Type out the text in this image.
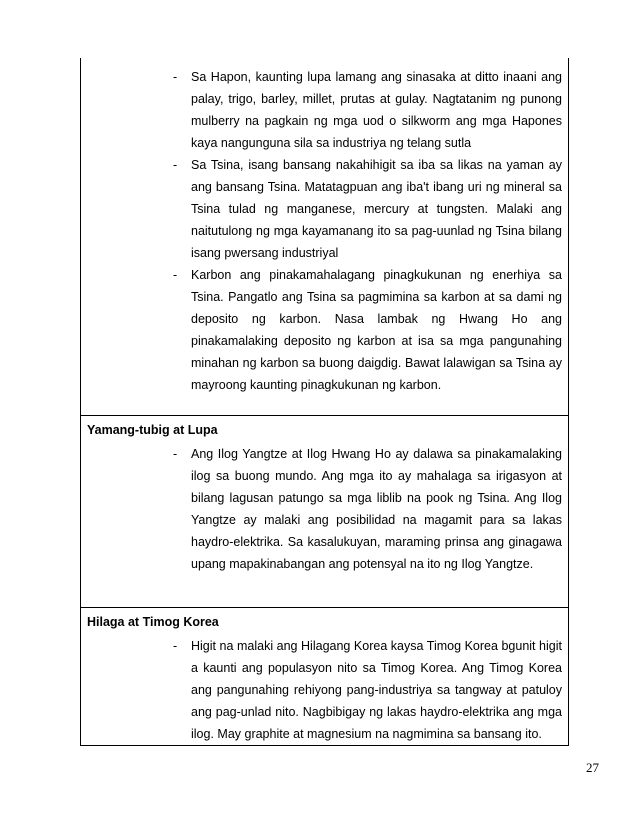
- Sa Hapon, kaunting lupa lamang ang sinasaka at ditto inaani ang palay, trigo, barley, millet, prutas at gulay. Nagtatanim ng punong mulberry na pagkain ng mga uod o silkworm ang mga Hapones kaya nangunguna sila sa industriya ng telang sutla
- Sa Tsina, isang bansang nakahihigit sa iba sa likas na yaman ay ang bansang Tsina. Matatagpuan ang iba't ibang uri ng mineral sa Tsina tulad ng manganese, mercury at tungsten. Malaki ang naitutulong ng mga kayamanang ito sa pag-uunlad ng Tsina bilang isang pwersang industriyal
- Karbon ang pinakamahalagang pinagkukunan ng enerhiya sa Tsina. Pangatlo ang Tsina sa pagmimina sa karbon at sa dami ng deposito ng karbon. Nasa lambak ng Hwang Ho ang pinakamalaking deposito ng karbon at isa sa mga pangunahing minahan ng karbon sa buong daigdig. Bawat lalawigan sa Tsina ay mayroong kaunting pinagkukunan ng karbon.
Yamang-tubig at Lupa
- Ang Ilog Yangtze at Ilog Hwang Ho ay dalawa sa pinakamalaking ilog sa buong mundo. Ang mga ito ay mahalaga sa irigasyon at bilang lagusan patungo sa mga liblib na pook ng Tsina. Ang Ilog Yangtze ay malaki ang posibilidad na magamit para sa lakas haydro-elektrika. Sa kasalukuyan, maraming prinsa ang ginagawa upang mapakinabangan ang potensyal na ito ng Ilog Yangtze.
Hilaga at Timog Korea
- Higit na malaki ang Hilagang Korea kaysa Timog Korea bgunit higit a kaunti ang populasyon nito sa Timog Korea. Ang Timog Korea ang pangunahing rehiyong pang-industriya sa tangway at patuloy ang pag-unlad nito. Nagbibigay ng lakas haydro-elektrika ang mga ilog. May graphite at magnesium na nagmimina sa bansang ito.
27
